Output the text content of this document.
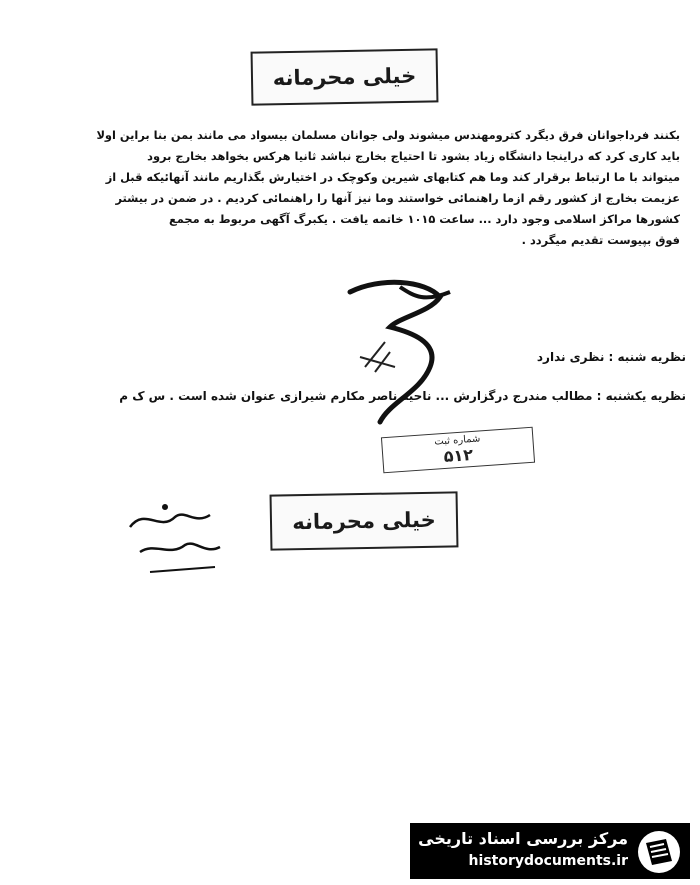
خیلی محرمانه
بکنند فرداجوانان فرق دیگرد کترومهندس میشوند ولی جوانان مسلمان بیسواد می مانند بمن بنا براین اولا
باید کاری کرد که دراینجا دانشگاه زیاد بشود تا احتیاج بخارج نباشد ثانیا هرکس بخواهد بخارج برود
میتواند با ما ارتباط برقرار کند وما هم کتابهای شیرین وکوچک در اختیارش بگذاریم مانند آنهائیکه قبل از
عزیمت بخارج از کشور رقم ازما راهنمائی خواستند وما نیز آنها را راهنمائی کردیم . در ضمن در بیشتر
کشورها مراکز اسلامی وجود دارد ... ساعت ۱۰۱۵ خاتمه یافت . یکبرگ آگهی مربوط به مجمع
فوق بپیوست تقدیم میگردد .
نظریه شنبه : نظری ندارد
نظریه یکشنبه : مطالب مندرج درگزارش ... ناحیه ناصر مکارم شیرازی عنوان شده است . س ک م
شماره ثبت
۵۱۲
خیلی محرمانه
مرکز بررسی اسناد تاریخی
historydocuments.ir
